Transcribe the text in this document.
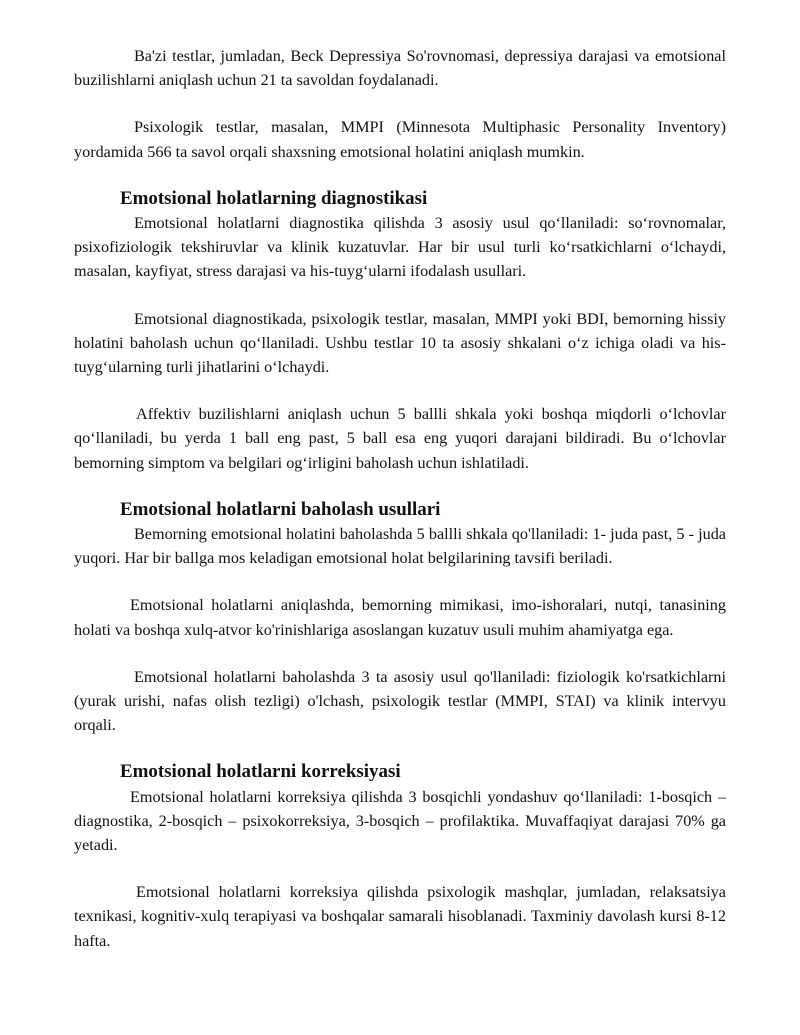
Ba'zi testlar, jumladan, Beck Depressiya So'rovnomasi, depressiya darajasi va emotsional buzilishlarni aniqlash uchun 21 ta savoldan foydalanadi.

Psixologik testlar, masalan, MMPI (Minnesota Multiphasic Personality Inventory) yordamida 566 ta savol orqali shaxsning emotsional holatini aniqlash mumkin.

Emotsional holatlarning diagnostikasi

Emotsional holatlarni diagnostika qilishda 3 asosiy usul qo‘llaniladi: so‘rovnomalar, psixofiziologik tekshiruvlar va klinik kuzatuvlar. Har bir usul turli ko‘rsatkichlarni o‘lchaydi, masalan, kayfiyat, stress darajasi va his-tuyg‘ularni ifodalash usullari.

Emotsional diagnostikada, psixologik testlar, masalan, MMPI yoki BDI, bemorning hissiy holatini baholash uchun qo‘llaniladi. Ushbu testlar 10 ta asosiy shkalani o‘z ichiga oladi va his-tuyg‘ularning turli jihatlarini o‘lchaydi.

Affektiv buzilishlarni aniqlash uchun 5 ballli shkala yoki boshqa miqdorli o‘lchovlar qo‘llaniladi, bu yerda 1 ball eng past, 5 ball esa eng yuqori darajani bildiradi. Bu o‘lchovlar bemorning simptom va belgilari og‘irligini baholash uchun ishlatiladi.

Emotsional holatlarni baholash usullari

Bemorning emotsional holatini baholashda 5 ballli shkala qo'llaniladi: 1- juda past, 5 - juda yuqori. Har bir ballga mos keladigan emotsional holat belgilarining tavsifi beriladi.

Emotsional holatlarni aniqlashda, bemorning mimikasi, imo-ishoralari, nutqi, tanasining holati va boshqa xulq-atvor ko'rinishlariga asoslangan kuzatuv usuli muhim ahamiyatga ega.

Emotsional holatlarni baholashda 3 ta asosiy usul qo'llaniladi: fiziologik ko'rsatkichlarni (yurak urishi, nafas olish tezligi) o'lchash, psixologik testlar (MMPI, STAI) va klinik intervyu orqali.

Emotsional holatlarni korreksiyasi

Emotsional holatlarni korreksiya qilishda 3 bosqichli yondashuv qo‘llaniladi: 1-bosqich – diagnostika, 2-bosqich – psixokorreksiya, 3-bosqich – profilaktika. Muvaffaqiyat darajasi 70% ga yetadi.

Emotsional holatlarni korreksiya qilishda psixologik mashqlar, jumladan, relaksatsiya texnikasi, kognitiv-xulq terapiyasi va boshqalar samarali hisoblanadi. Taxminiy davolash kursi 8-12 hafta.
